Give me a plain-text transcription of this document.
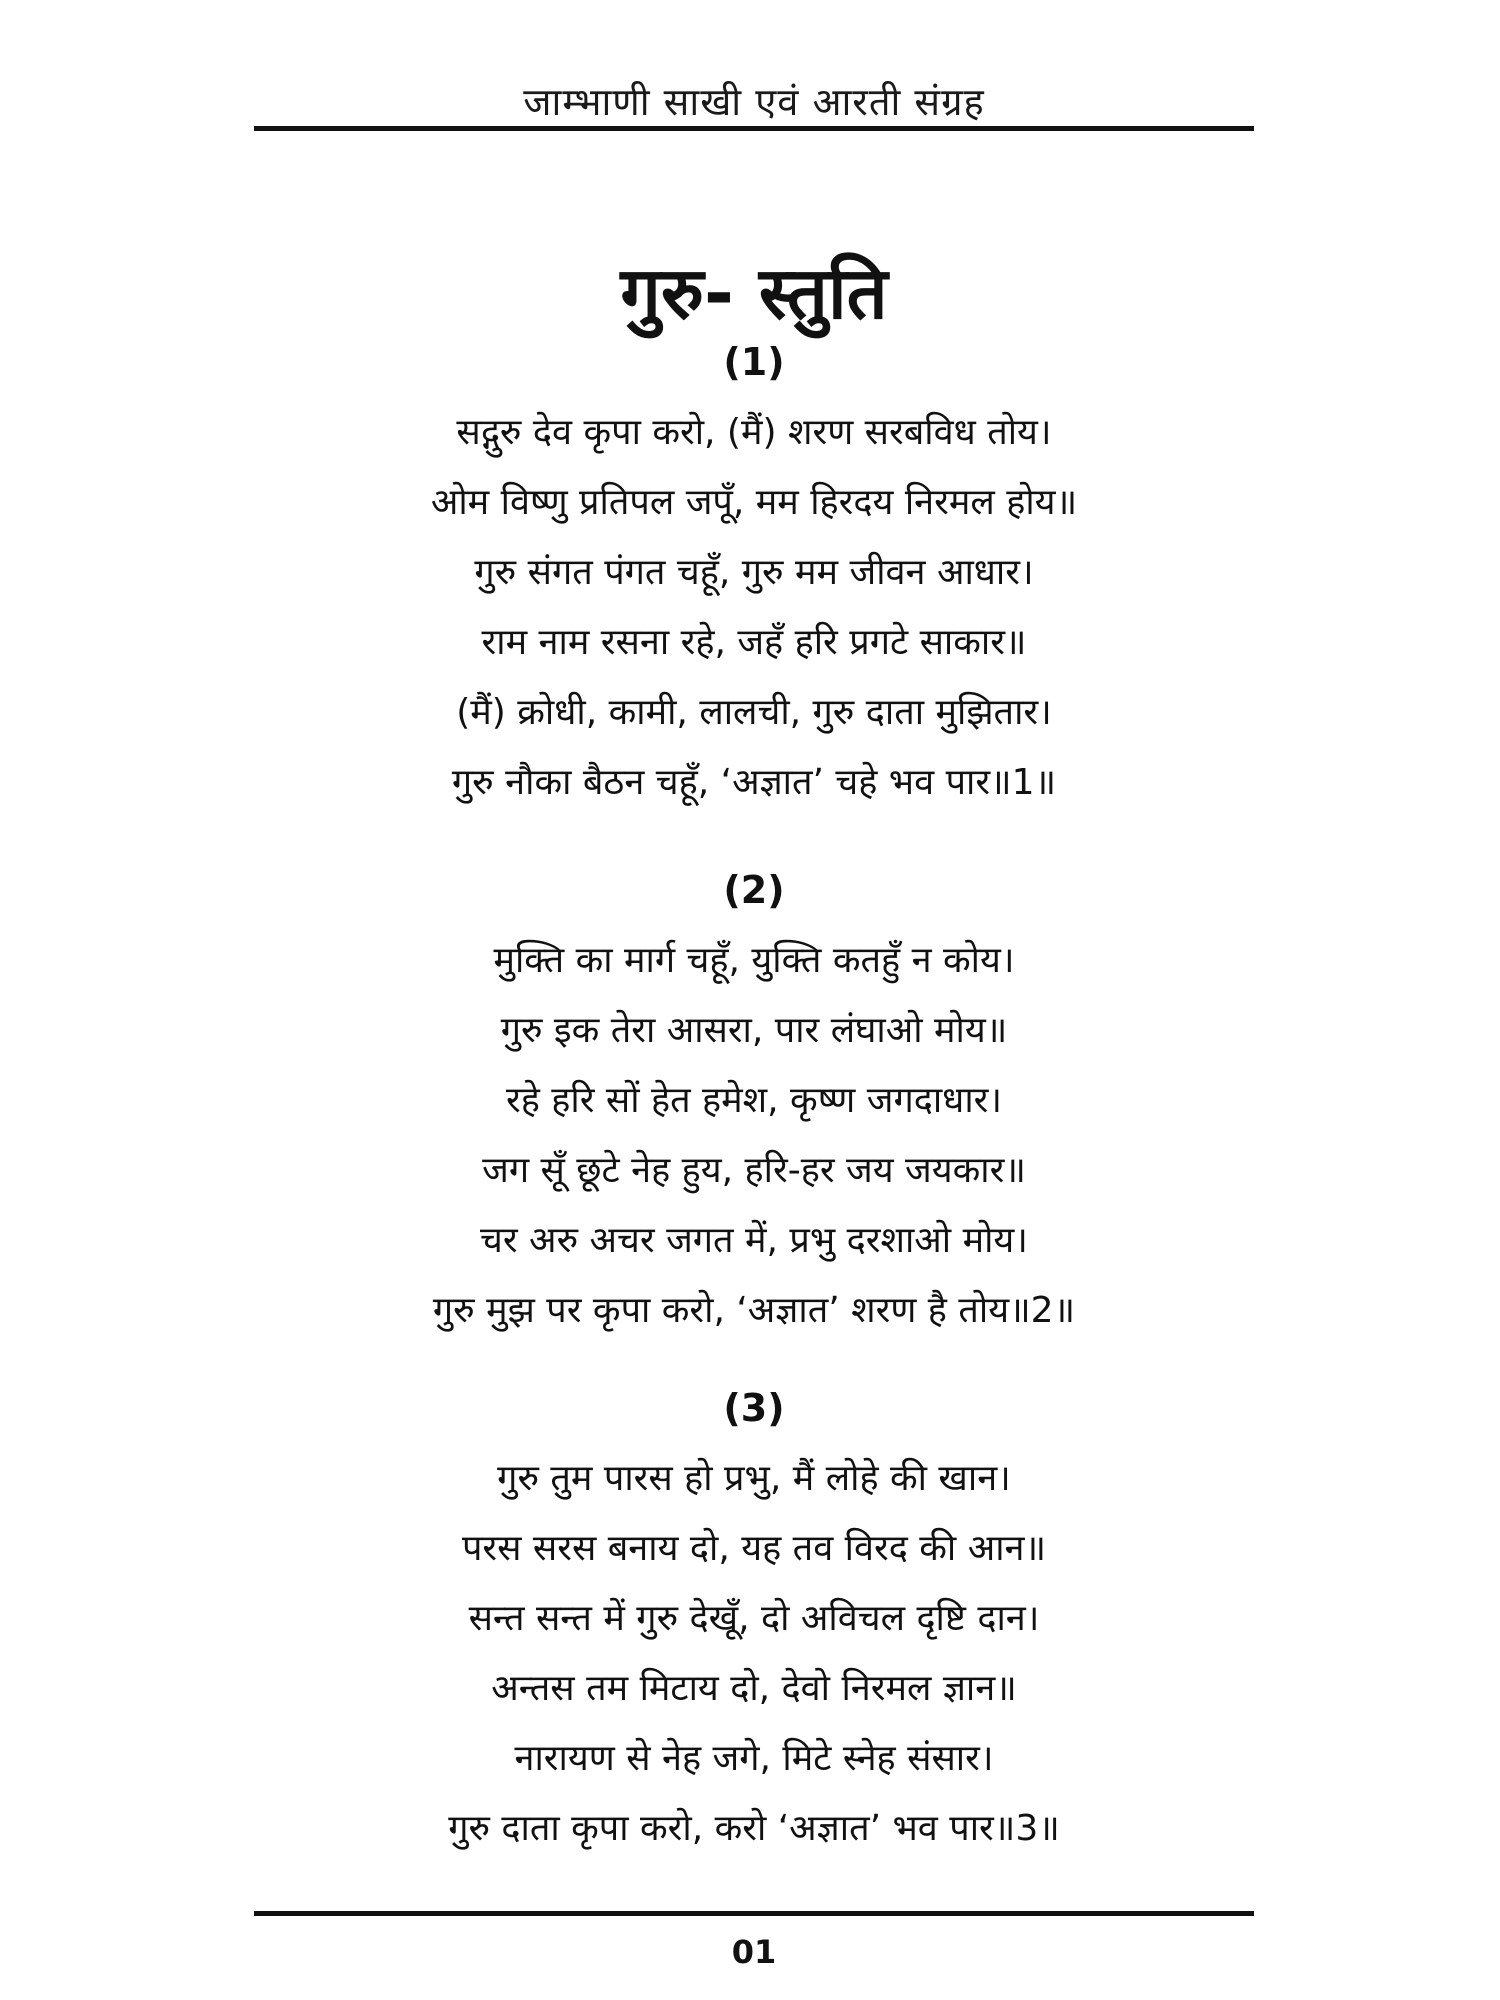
जाम्भाणी साखी एवं आरती संग्रह
गुरु- स्तुति
(1)
सद्गुरु देव कृपा करो, (मैं) शरण सरबविध तोय।
ओम विष्णु प्रतिपल जपूँ, मम हिरदय निरमल होय॥
गुरु संगत पंगत चहूँ, गुरु मम जीवन आधार।
राम नाम रसना रहे, जहँ हरि प्रगटे साकार॥
(मैं) क्रोधी, कामी, लालची, गुरु दाता मुझितार।
गुरु नौका बैठन चहूँ, ‘अज्ञात’ चहे भव पार॥1॥
(2)
मुक्ति का मार्ग चहूँ, युक्ति कतहुँ न कोय।
गुरु इक तेरा आसरा, पार लंघाओ मोय॥
रहे हरि सों हेत हमेश, कृष्ण जगदाधार।
जग सूँ छूटे नेह हुय, हरि-हर जय जयकार॥
चर अरु अचर जगत में, प्रभु दरशाओ मोय।
गुरु मुझ पर कृपा करो, ‘अज्ञात’ शरण है तोय॥2॥
(3)
गुरु तुम पारस हो प्रभु, मैं लोहे की खान।
परस सरस बनाय दो, यह तव विरद की आन॥
सन्त सन्त में गुरु देखूँ, दो अविचल दृष्टि दान।
अन्तस तम मिटाय दो, देवो निरमल ज्ञान॥
नारायण से नेह जगे, मिटे स्नेह संसार।
गुरु दाता कृपा करो, करो ‘अज्ञात’ भव पार॥3॥
01
